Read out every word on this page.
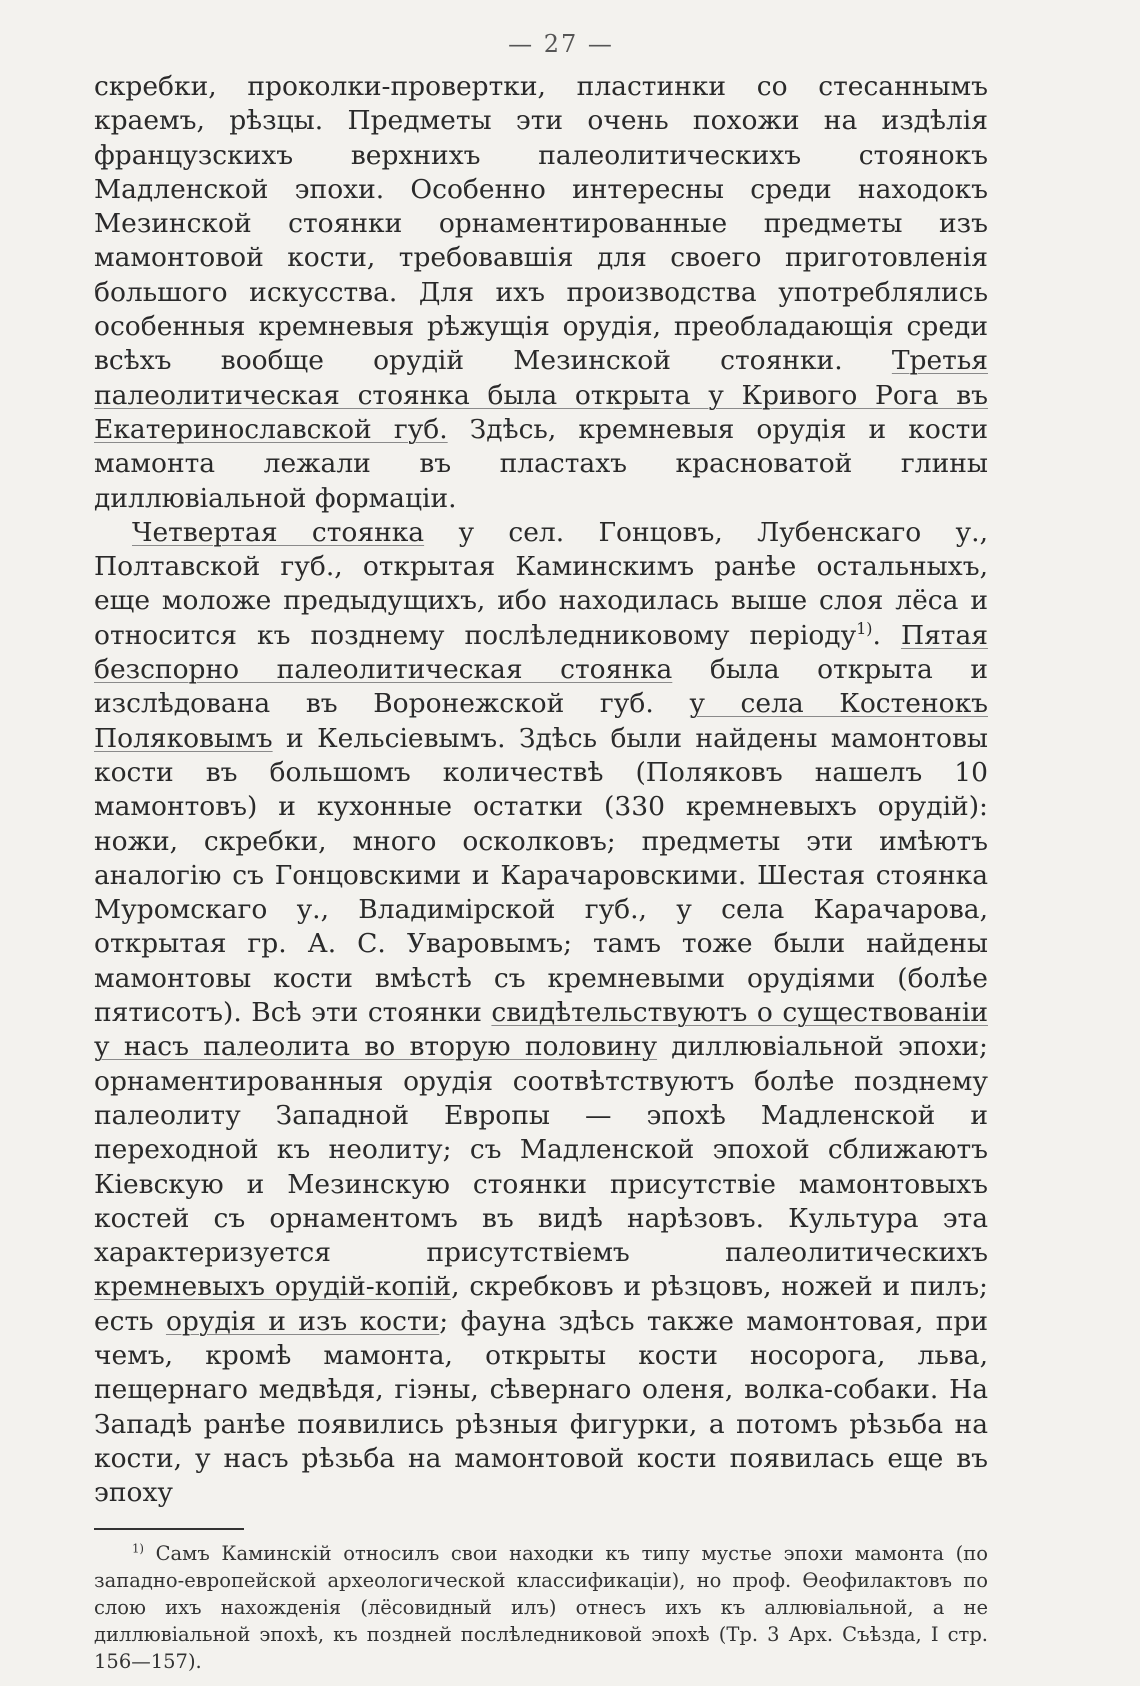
— 27 —

скребки, проколки-провертки, пластинки со стесаннымъ краемъ, рѣзцы. Предметы эти очень похожи на издѣлія французскихъ верхнихъ палеолитическихъ стоянокъ Мадленской эпохи. Особенно интересны среди находокъ Мезинской стоянки орнаментированные предметы изъ мамонтовой кости, требовавшія для своего приготовленія большого искусства. Для ихъ производства употреблялись особенныя кремневыя рѣжущія орудія, преобладающія среди всѣхъ вообще орудій Мезинской стоянки. Третья палеолитическая стоянка была открыта у Кривого Рога въ Екатеринославской губ. Здѣсь, кремневыя орудія и кости мамонта лежали въ пластахъ красноватой глины диллювіальной формаціи.

Четвертая стоянка у сел. Гонцовъ, Лубенскаго у., Полтавской губ., открытая Каминскимъ ранѣе остальныхъ, еще моложе предыдущихъ, ибо находилась выше слоя лёса и относится къ позднему послѣледниковому періоду$^{1)}$. Пятая безспорно палеолитическая стоянка была открыта и изслѣдована въ Воронежской губ. у села Костенокъ Поляковымъ и Кельсіевымъ. Здѣсь были найдены мамонтовы кости въ большомъ количествѣ (Поляковъ нашелъ 10 мамонтовъ) и кухонные остатки (330 кремневыхъ орудій): ножи, скребки, много осколковъ; предметы эти имѣютъ аналогію съ Гонцовскими и Карачаровскими. Шестая стоянка Муромскаго у., Владимірской губ., у села Карачарова, открытая гр. А. С. Уваровымъ; тамъ тоже были найдены мамонтовы кости вмѣстѣ съ кремневыми орудіями (болѣе пятисотъ). Всѣ эти стоянки свидѣтельствуютъ о существованіи у насъ палеолита во вторую половину диллювіальной эпохи; орнаментированныя орудія соотвѣтствуютъ болѣе позднему палеолиту Западной Европы — эпохѣ Мадленской и переходной къ неолиту; съ Мадленской эпохой сближаютъ Кіевскую и Мезинскую стоянки присутствіе мамонтовыхъ костей съ орнаментомъ въ видѣ нарѣзовъ. Культура эта характеризуется присутствіемъ палеолитическихъ кремневыхъ орудій-копій, скребковъ и рѣзцовъ, ножей и пилъ; есть орудія и изъ кости; фауна здѣсь также мамонтовая, при чемъ, кромѣ мамонта, открыты кости носорога, льва, пещернаго медвѣдя, гіэны, сѣвернаго оленя, волка-собаки. На Западѣ ранѣе появились рѣзныя фигурки, а потомъ рѣзьба на кости, у насъ рѣзьба на мамонтовой кости появилась еще въ эпоху

$^{1)}$ Самъ Каминскій относилъ свои находки къ типу мустье эпохи мамонта (по западно-европейской археологической классификаціи), но проф. Ѳеофилактовъ по слою ихъ нахожденія (лёсовидный илъ) отнесъ ихъ къ аллювіальной, а не диллювіальной эпохѣ, къ поздней послѣледниковой эпохѣ (Тр. 3 Арх. Съѣзда, I стр. 156—157).
